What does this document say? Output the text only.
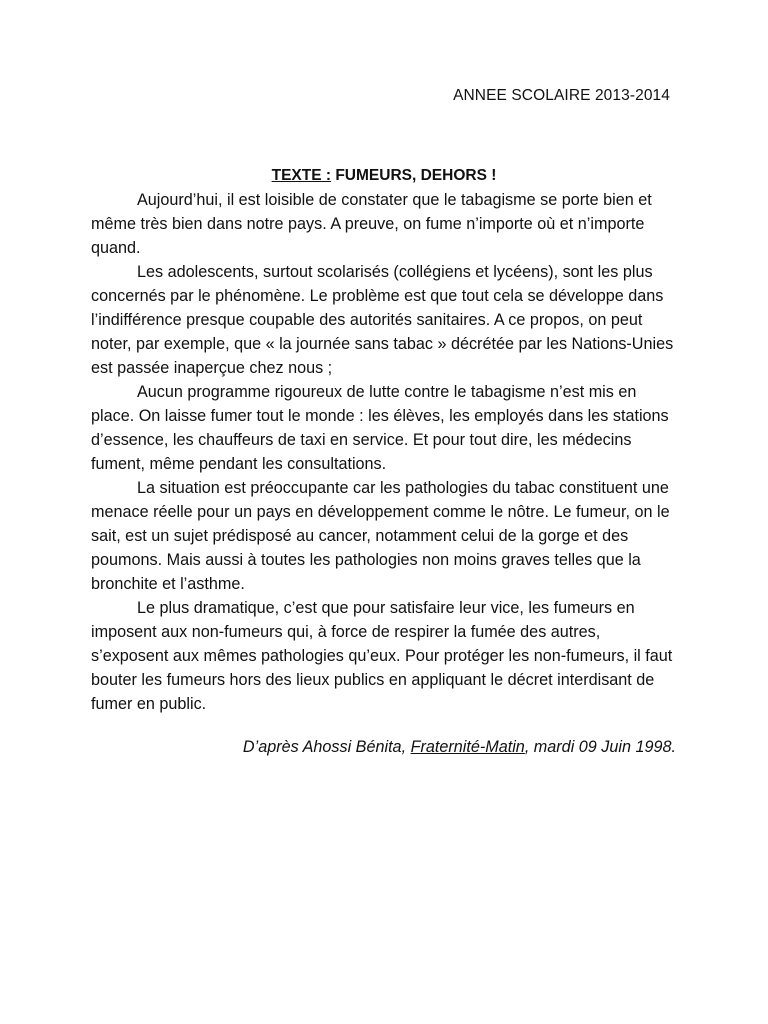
ANNEE SCOLAIRE 2013-2014
TEXTE : FUMEURS, DEHORS !

Aujourd’hui, il est loisible de constater que le tabagisme se porte bien et même très bien dans notre pays. A preuve, on fume n’importe où et n’importe quand.

Les adolescents, surtout scolarisés (collégiens et lycéens), sont les plus concernés par le phénomène. Le problème est que tout cela se développe dans l’indifférence presque coupable des autorités sanitaires. A ce propos, on peut noter, par exemple, que « la journée sans tabac » décrétée par les Nations-Unies est passée inaperçue chez nous ;

Aucun programme rigoureux de lutte contre le tabagisme n’est mis en place. On laisse fumer tout le monde : les élèves, les employés dans les stations d’essence, les chauffeurs de taxi en service. Et pour tout dire, les médecins fument, même pendant les consultations.

La situation est préoccupante car les pathologies du tabac constituent une menace réelle pour un pays en développement comme le nôtre. Le fumeur, on le sait, est un sujet prédisposé au cancer, notamment celui de la gorge et des poumons. Mais aussi à toutes les pathologies non moins graves telles que la bronchite et l’asthme.

Le plus dramatique, c’est que pour satisfaire leur vice, les fumeurs en imposent aux non-fumeurs qui, à force de respirer la fumée des autres, s’exposent aux mêmes pathologies qu’eux. Pour protéger les non-fumeurs, il faut bouter les fumeurs hors des lieux publics en appliquant le décret interdisant de fumer en public.

D’après Ahossi Bénita, Fraternité-Matin, mardi 09 Juin 1998.
